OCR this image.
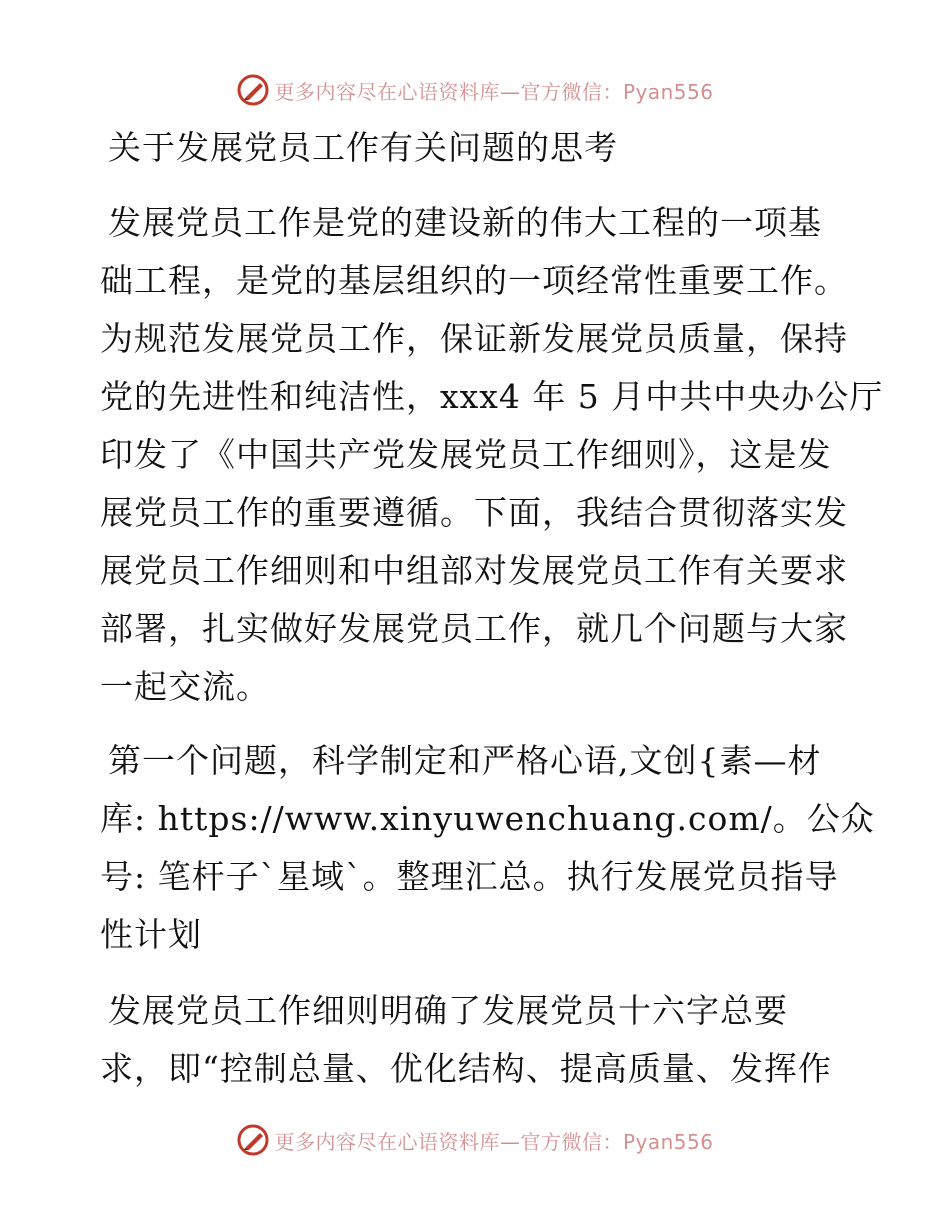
更多内容尽在心语资料库—官方微信：Pyan556
关于发展党员工作有关问题的思考

发展党员工作是党的建设新的伟大工程的一项基
础工程，是党的基层组织的一项经常性重要工作。
为规范发展党员工作，保证新发展党员质量，保持
党的先进性和纯洁性，xxx4 年 5 月中共中央办公厅
印发了《中国共产党发展党员工作细则》，这是发
展党员工作的重要遵循。下面，我结合贯彻落实发
展党员工作细则和中组部对发展党员工作有关要求
部署，扎实做好发展党员工作，就几个问题与大家
一起交流。

第一个问题，科学制定和严格心语,文创{素—材
库: https://www.xinyuwenchuang.com/。公众
号: 笔杆子`星域`。整理汇总。执行发展党员指导
性计划

发展党员工作细则明确了发展党员十六字总要
求，即“控制总量、优化结构、提高质量、发挥作

更多内容尽在心语资料库—官方微信：Pyan556
